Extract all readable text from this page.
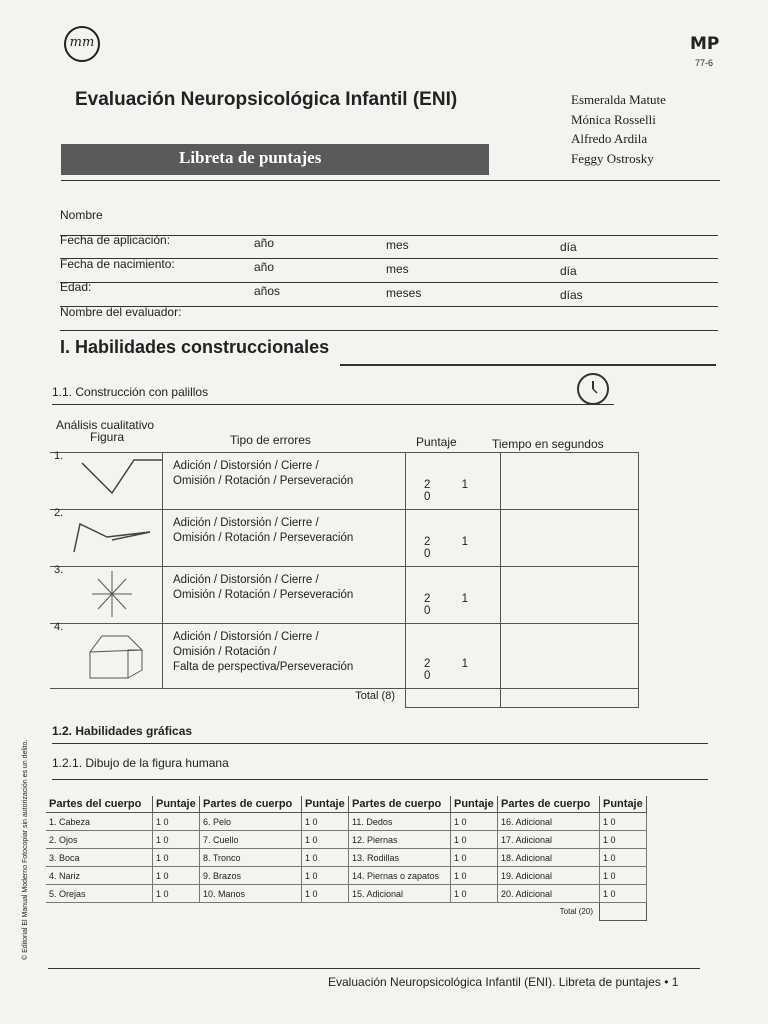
mm	MP
77-6
Evaluación Neuropsicológica Infantil (ENI)	Esmeralda Matute
Mónica Rosselli
Alfredo Ardila
Feggy Ostrosky
Libreta de puntajes
Nombre
Fecha de aplicación:	año	mes	día
Fecha de nacimiento:	año	mes	día
Edad:	años	meses	días
Nombre del evaluador:
I. Habilidades construccionales
1.1. Construcción con palillos
Análisis cualitativo
Figura	Tipo de errores	Puntaje	Tiempo en segundos
1.	Adición / Distorsión / Cierre /
Omisión / Rotación / Perseveración	2 1 0	

2.	Adición / Distorsión / Cierre /
Omisión / Rotación / Perseveración	2 1 0	

3.	Adición / Distorsión / Cierre /
Omisión / Rotación / Perseveración	2 1 0	

4.	Adición / Distorsión / Cierre /
Omisión / Rotación /
Falta de perspectiva/Perseveración	2 1 0	

	Total (8)		
1.2. Habilidades gráficas
1.2.1. Dibujo de la figura humana
Partes del cuerpo	Puntaje	Partes de cuerpo	Puntaje	Partes de cuerpo	Puntaje	Partes de cuerpo	Puntaje
1. Cabeza	1 0	6. Pelo	1 0	11. Dedos	1 0	16. Adicional	1 0
2. Ojos	1 0	7. Cuello	1 0	12. Piernas	1 0	17. Adicional	1 0
3. Boca	1 0	8. Tronco	1 0	13. Rodillas	1 0	18. Adicional	1 0
4. Nariz	1 0	9. Brazos	1 0	14. Piernas o zapatos	1 0	19. Adicional	1 0
5. Orejas	1 0	10. Manos	1 0	15. Adicional	1 0	20. Adicional	1 0
Total (20)							
Evaluación Neuropsicológica Infantil (ENI). Libreta de puntajes • 1
© Editorial El Manual Moderno Fotocopiar sin autorización es un delito.
